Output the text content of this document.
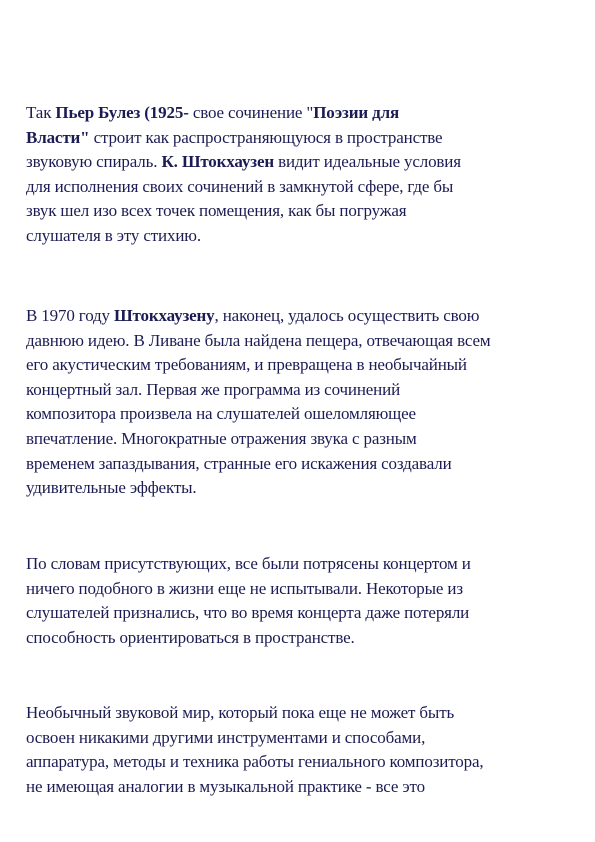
Так Пьер Булез (1925- свое сочинение "Поэзии для
Власти" строит как распространяющуюся в пространстве
звуковую спираль. К. Штокхаузен видит идеальные условия
для исполнения своих сочинений в замкнутой сфере, где бы
звук шел изо всех точек помещения, как бы погружая
слушателя в эту стихию.

В 1970 году Штокхаузену, наконец, удалось осуществить свою
давнюю идею. В Ливане была найдена пещера, отвечающая всем
его акустическим требованиям, и превращена в необычайный
концертный зал. Первая же программа из сочинений
композитора произвела на слушателей ошеломляющее
впечатление. Многократные отражения звука с разным
временем запаздывания, странные его искажения создавали
удивительные эффекты.

По словам присутствующих, все были потрясены концертом и
ничего подобного в жизни еще не испытывали. Некоторые из
слушателей признались, что во время концерта даже потеряли
способность ориентироваться в пространстве.

Необычный звуковой мир, который пока еще не может быть
освоен никакими другими инструментами и способами,
аппаратура, методы и техника работы гениального композитора,
не имеющая аналогии в музыкальной практике - все это
